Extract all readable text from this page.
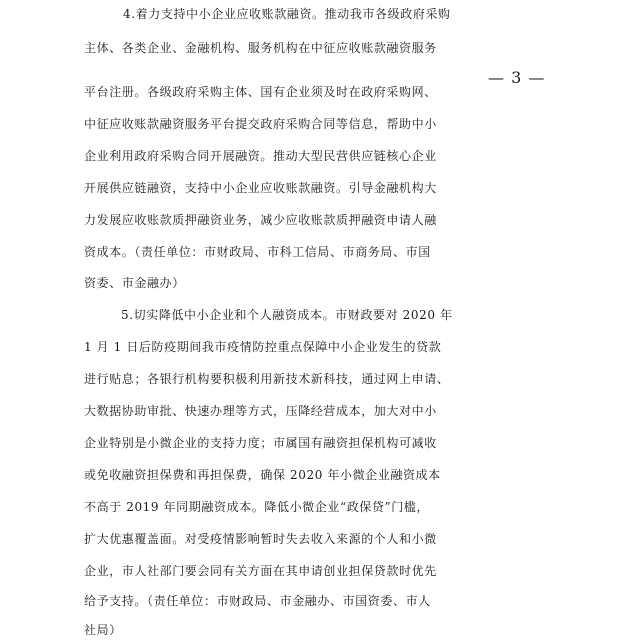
4.着力支持中小企业应收账款融资。推动我市各级政府采购
主体、各类企业、金融机构、服务机构在中征应收账款融资服务
— 3 —
平台注册。各级政府采购主体、国有企业须及时在政府采购网、
中征应收账款融资服务平台提交政府采购合同等信息，帮助中小
企业利用政府采购合同开展融资。推动大型民营供应链核心企业
开展供应链融资，支持中小企业应收账款融资。引导金融机构大
力发展应收账款质押融资业务，减少应收账款质押融资申请人融
资成本。（责任单位：市财政局、市科工信局、市商务局、市国
资委、市金融办）
5.切实降低中小企业和个人融资成本。市财政要对 2020 年
1 月 1 日后防疫期间我市疫情防控重点保障中小企业发生的贷款
进行贴息；各银行机构要积极利用新技术新科技，通过网上申请、
大数据协助审批、快速办理等方式，压降经营成本，加大对中小
企业特别是小微企业的支持力度；市属国有融资担保机构可减收
或免收融资担保费和再担保费，确保 2020 年小微企业融资成本
不高于 2019 年同期融资成本。降低小微企业“政保贷”门槛，
扩大优惠覆盖面。对受疫情影响暂时失去收入来源的个人和小微
企业，市人社部门要会同有关方面在其申请创业担保贷款时优先
给予支持。（责任单位：市财政局、市金融办、市国资委、市人
社局）
